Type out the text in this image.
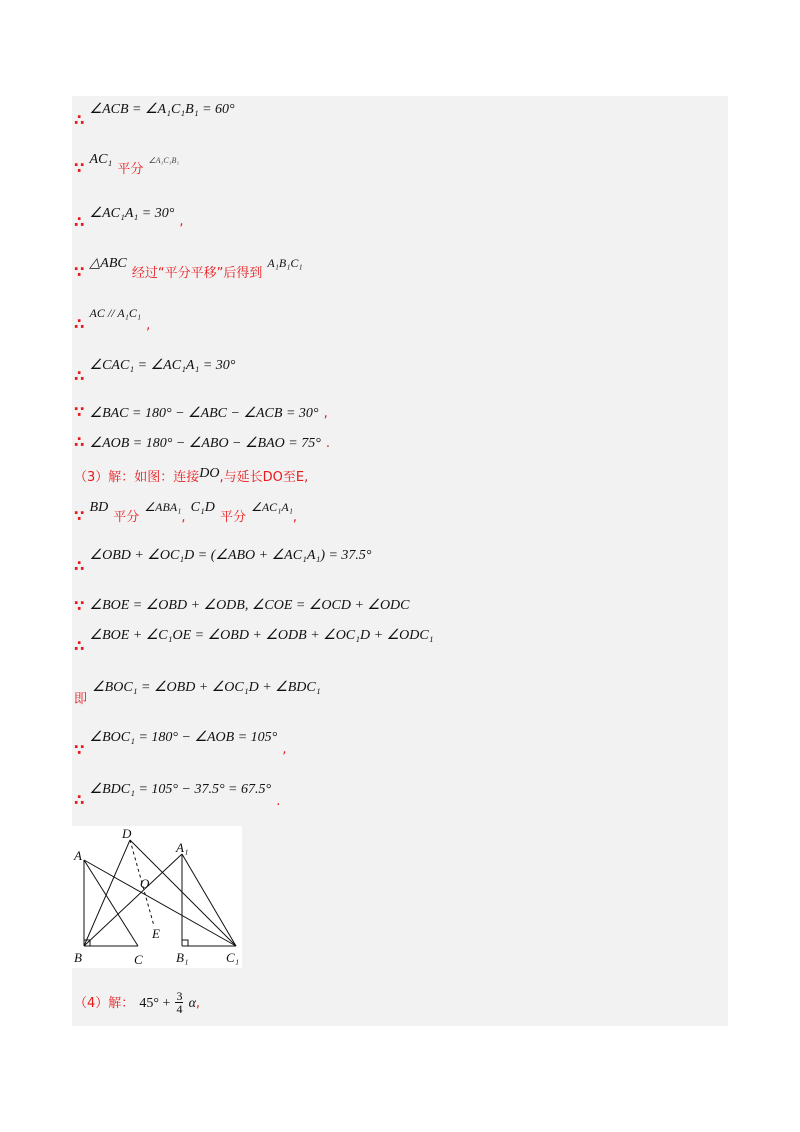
∴ ∠ACB = ∠A₁C₁B₁ = 60°
∵ AC₁ $_{平分}$ ∠A₁C₁B₁
∴ ∠AC₁A₁ = 30° $_,$
∵ △ABC $_{经过“平分平移”后得到}$ A₁B₁C₁
∴ AC // A₁C₁ $_,$
∴ ∠CAC₁ = ∠AC₁A₁ = 30°
∵ ∠BAC = 180° − ∠ABC − ∠ACB = 30° ,
∴ ∠AOB = 180° − ∠ABO − ∠BAO = 75° .
$_{(3)解:如图:连接}DO_{,与延长DO至E,}$
∵ BD $_{平分}$ $\angle ABA_1_,$ C₁D $_{平分}$ $\angle AC_1A_1_,$
∴ ∠OBD + ∠OC₁D = (∠ABO + ∠AC₁A₁) = 37.5°
∵ ∠BOE = ∠OBD + ∠ODB, ∠COE = ∠OCD + ∠ODC
∴ ∠BOE + ∠C₁OE = ∠OBD + ∠ODB + ∠OC₁D + ∠ODC₁
$_即$ ∠BOC₁ = ∠OBD + ∠OC₁D + ∠BDC₁
∵ ∠BOC₁ = 180° − ∠AOB = 105° $_,$
∴ ∠BDC₁ = 105° − 37.5° = 67.5° $_.$
A
B	C
D
O
E
A₁
B₁	C₁
（4）解： $45^\circ + \frac{3}{4} \alpha$,
